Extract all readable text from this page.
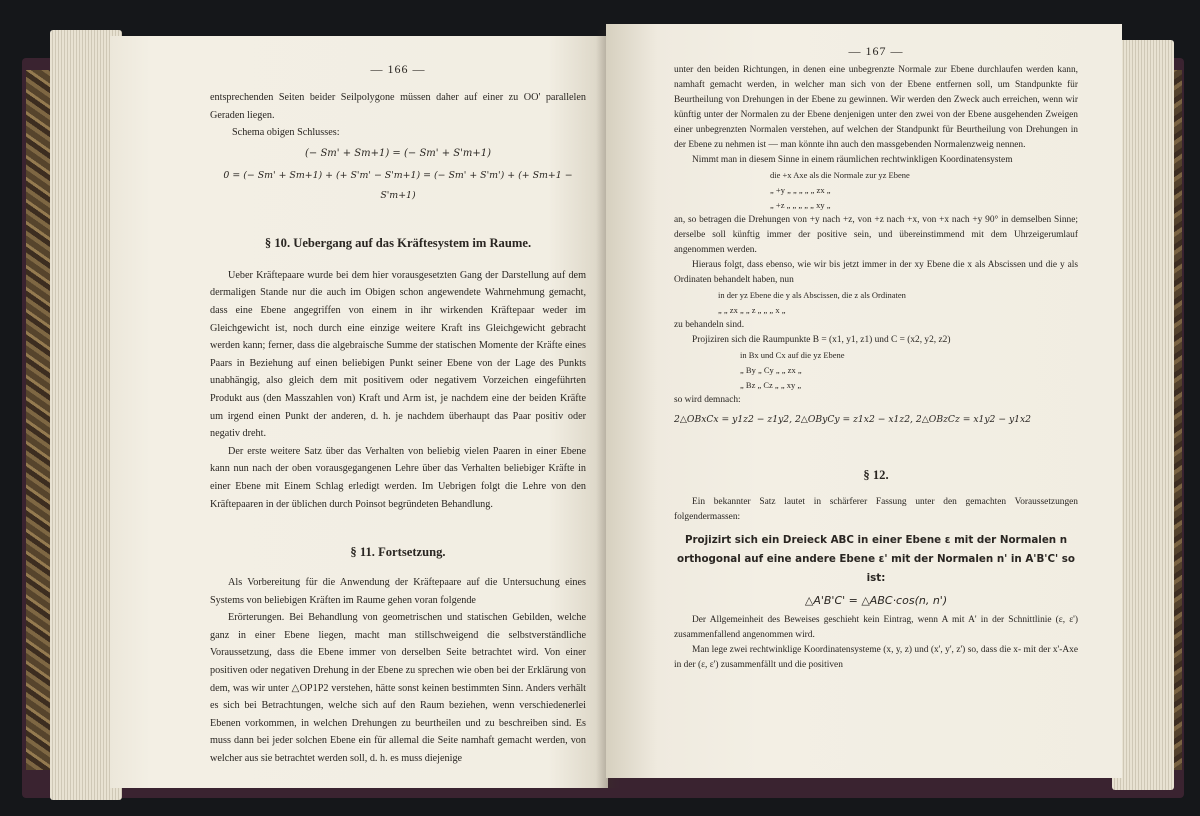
— 166 —

entsprechenden Seiten beider Seilpolygone müssen daher auf einer zu OO' parallelen Geraden liegen.

Schema obigen Schlusses:

(− Sm' + Sm+1) = (− Sm' + S'm+1)

0 = (− Sm' + Sm+1) + (+ S'm' − S'm+1) = (− Sm' + S'm') + (+ Sm+1 − S'm+1)

§ 10. Uebergang auf das Kräftesystem im Raume.

Ueber Kräftepaare wurde bei dem hier vorausgesetzten Gang der Darstellung auf dem dermaligen Stande nur die auch im Obigen schon angewendete Wahrnehmung gemacht, dass eine Ebene angegriffen von einem in ihr wirkenden Kräftepaar weder im Gleichgewicht ist, noch durch eine einzige weitere Kraft ins Gleichgewicht gebracht werden kann; ferner, dass die algebraische Summe der statischen Momente der Kräfte eines Paars in Beziehung auf einen beliebigen Punkt seiner Ebene von der Lage des Punkts unabhängig, also gleich dem mit positivem oder negativem Vorzeichen eingeführten Produkt aus (den Masszahlen von) Kraft und Arm ist, je nachdem eine der beiden Kräfte um irgend einen Punkt der anderen, d. h. je nachdem überhaupt das Paar positiv oder negativ dreht.

Der erste weitere Satz über das Verhalten von beliebig vielen Paaren in einer Ebene kann nun nach der oben vorausgegangenen Lehre über das Verhalten beliebiger Kräfte in einer Ebene mit Einem Schlag erledigt werden. Im Uebrigen folgt die Lehre von den Kräftepaaren in der üblichen durch Poinsot begründeten Behandlung.

§ 11. Fortsetzung.

Als Vorbereitung für die Anwendung der Kräftepaare auf die Untersuchung eines Systems von beliebigen Kräften im Raume gehen voran folgende

Erörterungen. Bei Behandlung von geometrischen und statischen Gebilden, welche ganz in einer Ebene liegen, macht man stillschweigend die selbstverständliche Voraussetzung, dass die Ebene immer von derselben Seite betrachtet wird. Von einer positiven oder negativen Drehung in der Ebene zu sprechen wie oben bei der Erklärung von dem, was wir unter △OP1P2 verstehen, hätte sonst keinen bestimmten Sinn. Anders verhält es sich bei Betrachtungen, welche sich auf den Raum beziehen, wenn verschiedenerlei Ebenen vorkommen, in welchen Drehungen zu beurtheilen und zu beschreiben sind. Es muss dann bei jeder solchen Ebene ein für allemal die Seite namhaft gemacht werden, von welcher aus sie betrachtet werden soll, d. h. es muss diejenige

— 167 —

unter den beiden Richtungen, in denen eine unbegrenzte Normale zur Ebene durchlaufen werden kann, namhaft gemacht werden, in welcher man sich von der Ebene entfernen soll, um Standpunkte für Beurtheilung von Drehungen in der Ebene zu gewinnen. Wir werden den Zweck auch erreichen, wenn wir künftig unter der Normalen zu der Ebene denjenigen unter den zwei von der Ebene ausgehenden Zweigen einer unbegrenzten Normalen verstehen, auf welchen der Standpunkt für Beurtheilung von Drehungen in der Ebene zu nehmen ist — man könnte ihn auch den massgebenden Normalenzweig nennen.

Nimmt man in diesem Sinne in einem räumlichen rechtwinkligen Koordinatensystem

die +x Axe als die Normale zur yz Ebene

„ +y „ „ „ „ „ zx „

„ +z „ „ „ „ „ xy „

an, so betragen die Drehungen von +y nach +z, von +z nach +x, von +x nach +y 90° in demselben Sinne; derselbe soll künftig immer der positive sein, und übereinstimmend mit dem Uhrzeigerumlauf angenommen werden.

Hieraus folgt, dass ebenso, wie wir bis jetzt immer in der xy Ebene die x als Abscissen und die y als Ordinaten behandelt haben, nun

in der yz Ebene die y als Abscissen, die z als Ordinaten

„ „ zx „ „ z „ „ „ x „

zu behandeln sind.

Projiziren sich die Raumpunkte B = (x1, y1, z1) und C = (x2, y2, z2)

in Bx und Cx auf die yz Ebene

„ By „ Cy „ „ zx „

„ Bz „ Cz „ „ xy „

so wird demnach:

2△OBxCx = y1z2 − z1y2, 2△OByCy = z1x2 − x1z2, 2△OBzCz = x1y2 − y1x2

§ 12.

Ein bekannter Satz lautet in schärferer Fassung unter den gemachten Voraussetzungen folgendermassen:

Projizirt sich ein Dreieck ABC in einer Ebene ε mit der Normalen n orthogonal auf eine andere Ebene ε' mit der Normalen n' in A'B'C' so ist:

△A'B'C' = △ABC·cos(n, n')

Der Allgemeinheit des Beweises geschieht kein Eintrag, wenn A mit A' in der Schnittlinie (ε, ε') zusammenfallend angenommen wird.

Man lege zwei rechtwinklige Koordinatensysteme (x, y, z) und (x', y', z') so, dass die x- mit der x'-Axe in der (ε, ε') zusammenfällt und die positiven
